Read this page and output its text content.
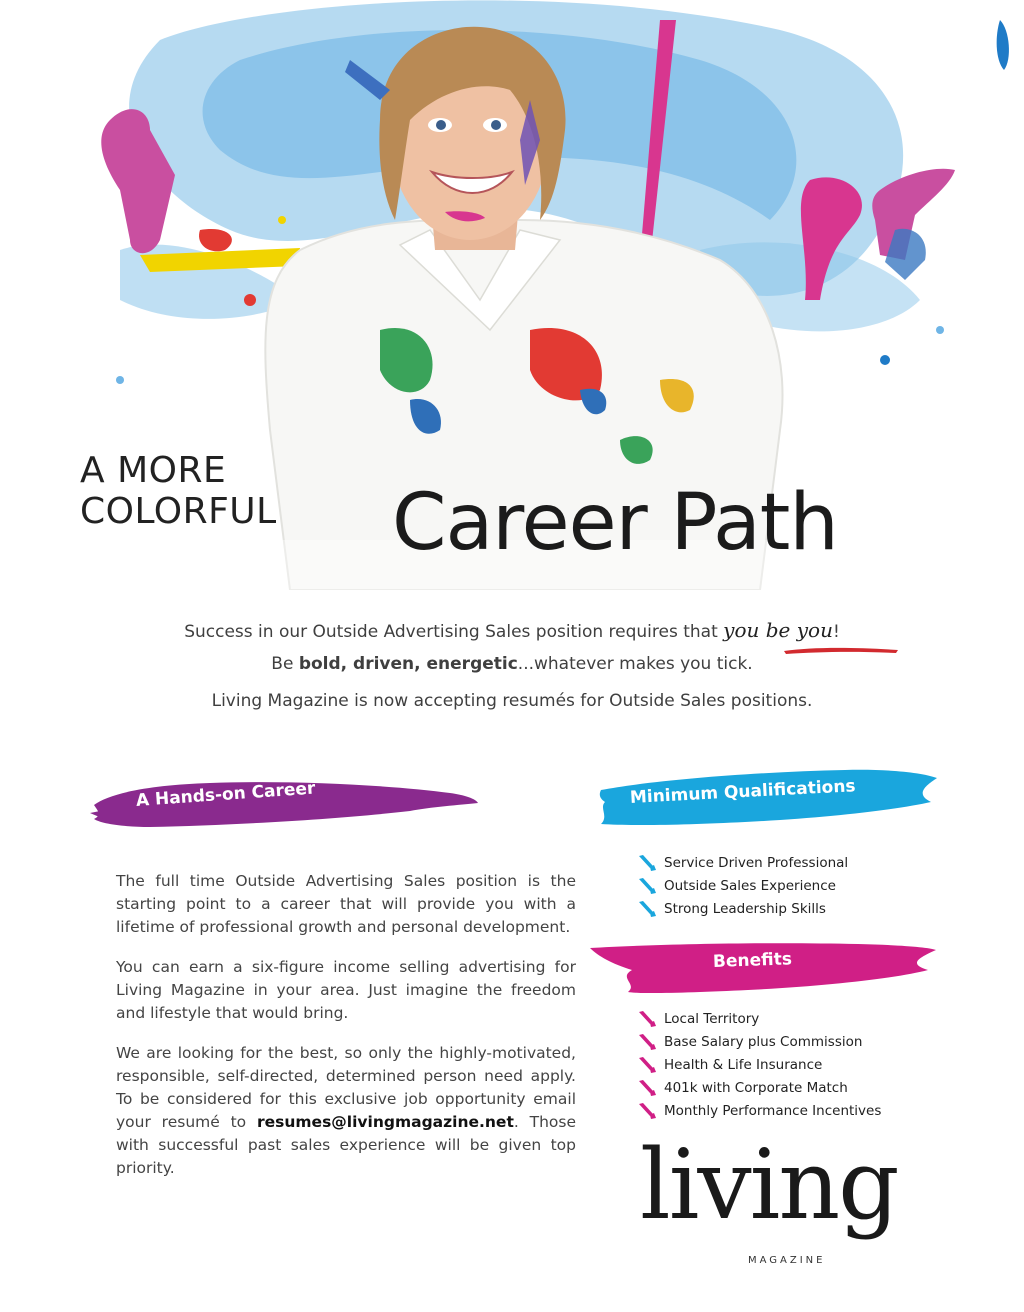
A MORE
COLORFUL Career Path
Success in our Outside Advertising Sales position requires that you be you!
Be bold, driven, energetic...whatever makes you tick.
Living Magazine is now accepting resumés for Outside Sales positions.
A Hands-on Career	Minimum Qualifications
Benefits

The full time Outside Advertising Sales position is the starting point to a career that will provide you with a lifetime of professional growth and personal development.

You can earn a six-figure income selling advertising for Living Magazine in your area. Just imagine the freedom and lifestyle that would bring.

We are looking for the best, so only the highly-motivated, responsible, self-directed, determined person need apply. To be considered for this exclusive job opportunity email your resumé to resumes@livingmagazine.net. Those with successful past sales experience will be given top priority.

Service Driven Professional
Outside Sales Experience
Strong Leadership Skills
Local Territory
Base Salary plus Commission
Health & Life Insurance
401k with Corporate Match
Monthly Performance Incentives
living
MAGAZINE
